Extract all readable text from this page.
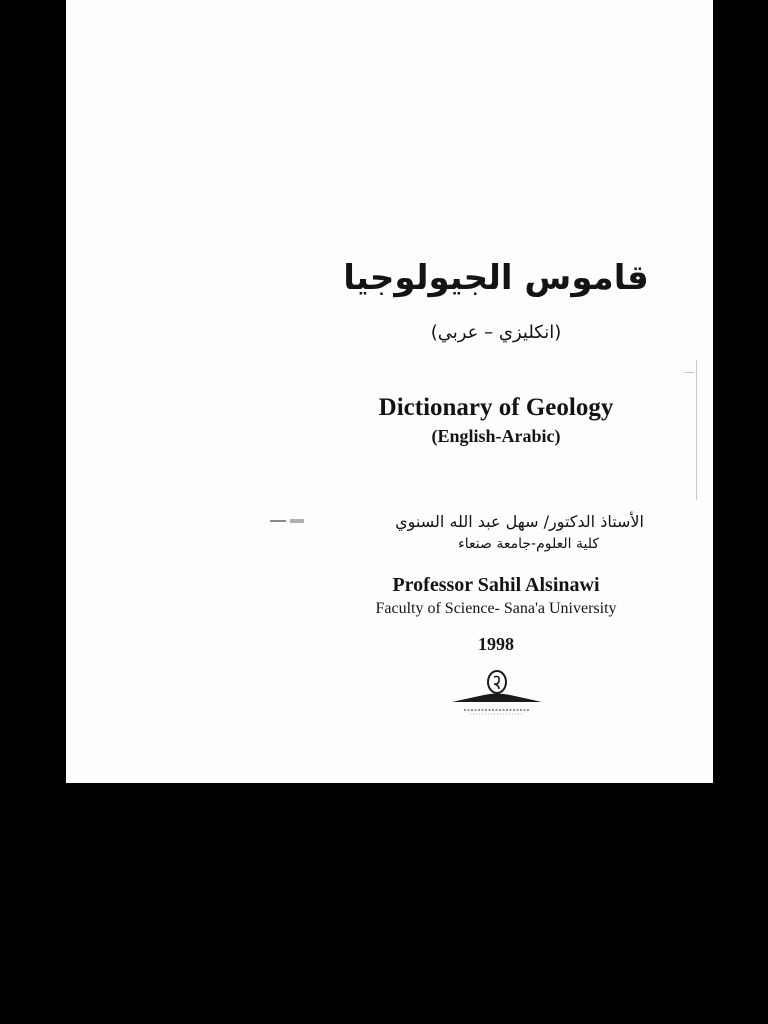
قاموس الجيولوجيا
(انكليزي – عربي)
Dictionary of Geology
(English-Arabic)
الأستاذ الدكتور/ سهل عبد الله السنوي
كلية العلوم-جامعة صنعاء
Professor Sahil Alsinawi
Faculty of Science- Sana'a University
1998
